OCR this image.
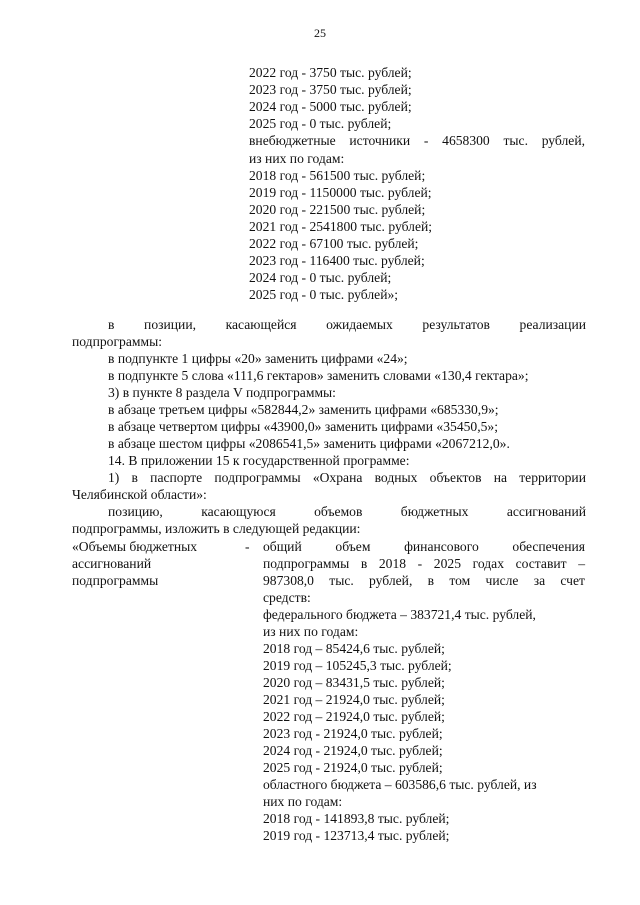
25
2022 год - 3750 тыс. рублей;
2023 год - 3750 тыс. рублей;
2024 год - 5000 тыс. рублей;
2025 год - 0 тыс. рублей;
внебюджетные источники - 4658300 тыс. рублей,
из них по годам:
2018 год - 561500 тыс. рублей;
2019 год - 1150000 тыс. рублей;
2020 год - 221500 тыс. рублей;
2021 год - 2541800 тыс. рублей;
2022 год - 67100 тыс. рублей;
2023 год - 116400 тыс. рублей;
2024 год - 0 тыс. рублей;
2025 год - 0 тыс. рублей»;
в позиции, касающейся ожидаемых результатов реализации
подпрограммы:
в подпункте 1 цифры «20» заменить цифрами «24»;
в подпункте 5 слова «111,6 гектаров» заменить словами «130,4 гектара»;
3) в пункте 8 раздела V подпрограммы:
в абзаце третьем цифры «582844,2» заменить цифрами «685330,9»;
в абзаце четвертом цифры «43900,0» заменить цифрами «35450,5»;
в абзаце шестом цифры «2086541,5» заменить цифрами «2067212,0».
14. В приложении 15 к государственной программе:
1) в паспорте подпрограммы «Охрана водных объектов на территории
Челябинской области»:
позицию, касающуюся объемов бюджетных ассигнований
подпрограммы, изложить в следующей редакции:
«Объемы бюджетных
ассигнований
подпрограммы
- общий объем финансового обеспечения
подпрограммы в 2018 - 2025 годах составит –
987308,0 тыс. рублей, в том числе за счет
средств:
федерального бюджета – 383721,4 тыс. рублей,
из них по годам:
2018 год – 85424,6 тыс. рублей;
2019 год – 105245,3 тыс. рублей;
2020 год – 83431,5 тыс. рублей;
2021 год – 21924,0 тыс. рублей;
2022 год – 21924,0 тыс. рублей;
2023 год - 21924,0 тыс. рублей;
2024 год - 21924,0 тыс. рублей;
2025 год - 21924,0 тыс. рублей;
областного бюджета – 603586,6 тыс. рублей, из
них по годам:
2018 год - 141893,8 тыс. рублей;
2019 год - 123713,4 тыс. рублей;
